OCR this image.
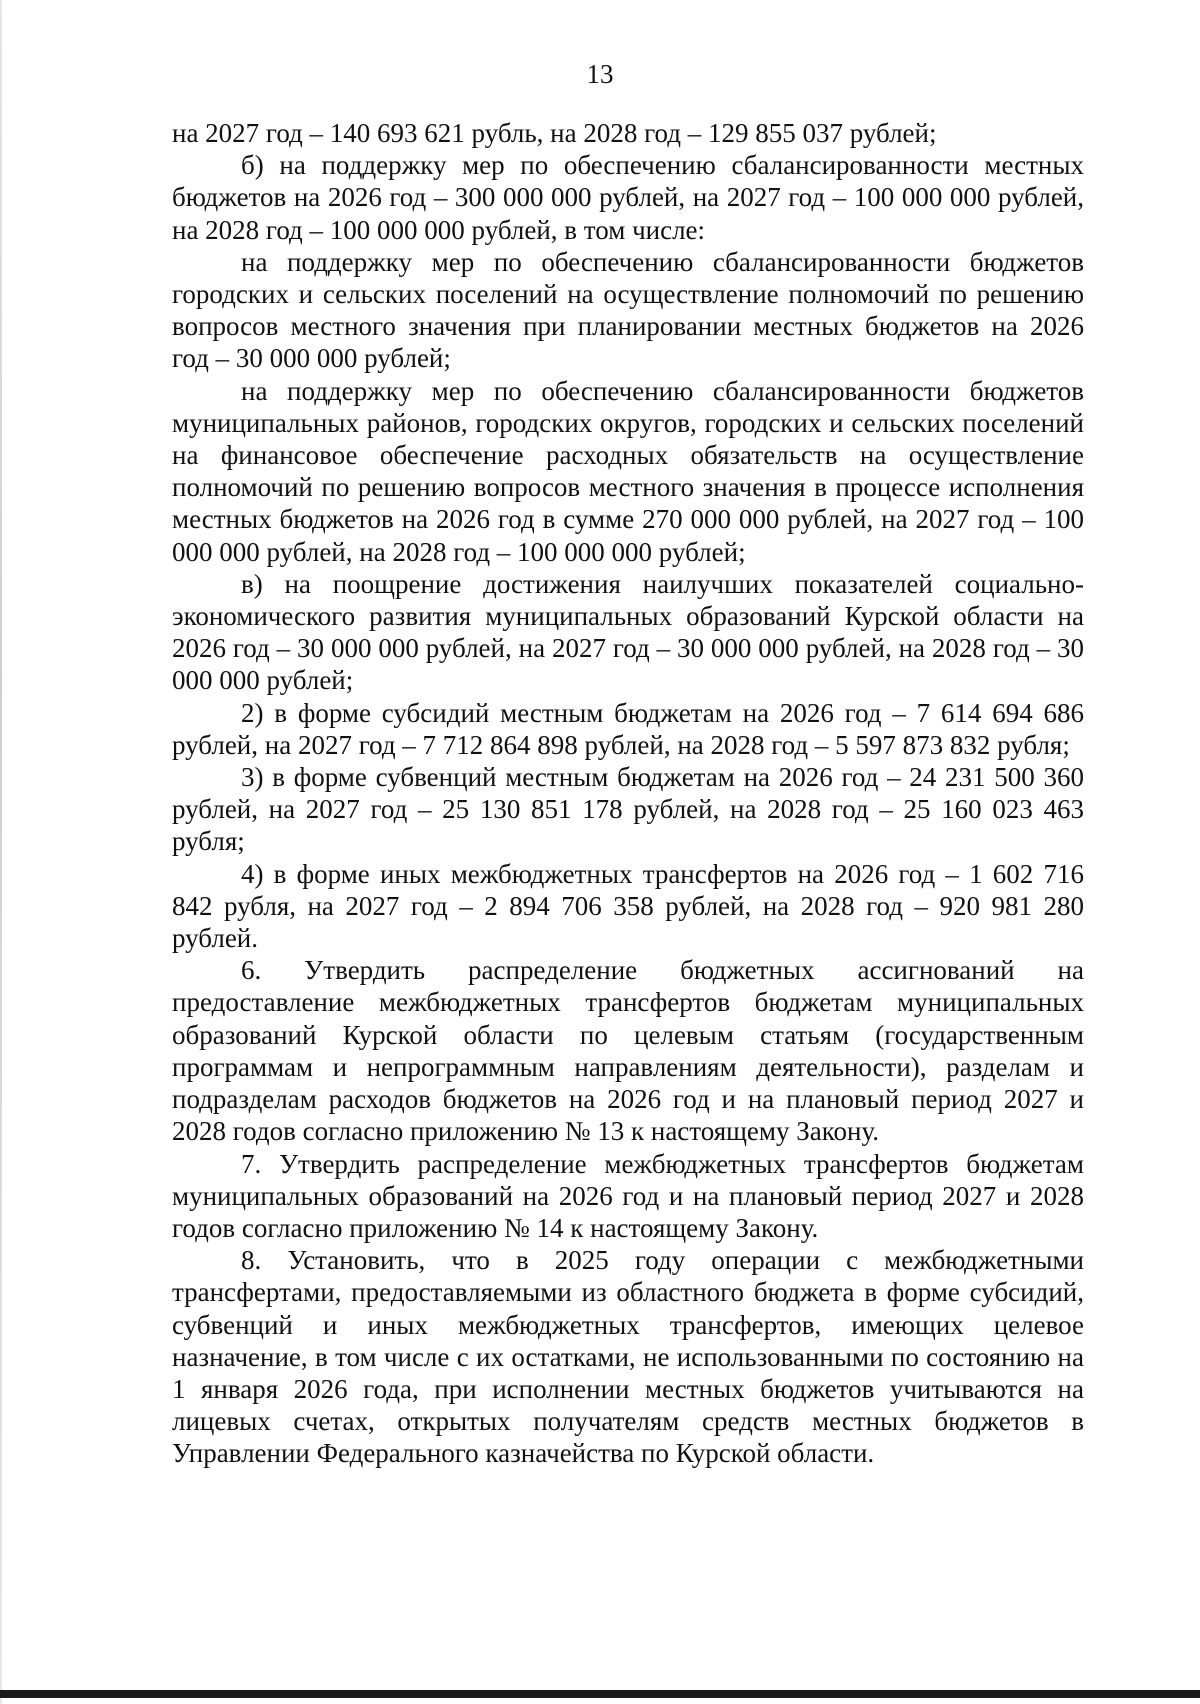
13

на 2027 год – 140 693 621 рубль, на 2028 год – 129 855 037 рублей;

б) на поддержку мер по обеспечению сбалансированности местных бюджетов на 2026 год – 300 000 000 рублей, на 2027 год – 100 000 000 рублей, на 2028 год – 100 000 000 рублей, в том числе:

на поддержку мер по обеспечению сбалансированности бюджетов городских и сельских поселений на осуществление полномочий по решению вопросов местного значения при планировании местных бюджетов на 2026 год – 30 000 000 рублей;

на поддержку мер по обеспечению сбалансированности бюджетов муниципальных районов, городских округов, городских и сельских поселений на финансовое обеспечение расходных обязательств на осуществление полномочий по решению вопросов местного значения в процессе исполнения местных бюджетов на 2026 год в сумме 270 000 000 рублей, на 2027 год – 100 000 000 рублей, на 2028 год – 100 000 000 рублей;

в) на поощрение достижения наилучших показателей социально-экономического развития муниципальных образований Курской области на 2026 год – 30 000 000 рублей, на 2027 год – 30 000 000 рублей, на 2028 год – 30 000 000 рублей;

2) в форме субсидий местным бюджетам на 2026 год – 7 614 694 686 рублей, на 2027 год – 7 712 864 898 рублей, на 2028 год – 5 597 873 832 рубля;

3) в форме субвенций местным бюджетам на 2026 год – 24 231 500 360 рублей, на 2027 год – 25 130 851 178 рублей, на 2028 год – 25 160 023 463 рубля;

4) в форме иных межбюджетных трансфертов на 2026 год – 1 602 716 842 рубля, на 2027 год – 2 894 706 358 рублей, на 2028 год – 920 981 280 рублей.

6. Утвердить распределение бюджетных ассигнований на предоставление межбюджетных трансфертов бюджетам муниципальных образований Курской области по целевым статьям (государственным программам и непрограммным направлениям деятельности), разделам и подразделам расходов бюджетов на 2026 год и на плановый период 2027 и 2028 годов согласно приложению № 13 к настоящему Закону.

7. Утвердить распределение межбюджетных трансфертов бюджетам муниципальных образований на 2026 год и на плановый период 2027 и 2028 годов согласно приложению № 14 к настоящему Закону.

8. Установить, что в 2025 году операции с межбюджетными трансфертами, предоставляемыми из областного бюджета в форме субсидий, субвенций и иных межбюджетных трансфертов, имеющих целевое назначение, в том числе с их остатками, не использованными по состоянию на 1 января 2026 года, при исполнении местных бюджетов учитываются на лицевых счетах, открытых получателям средств местных бюджетов в Управлении Федерального казначейства по Курской области.
